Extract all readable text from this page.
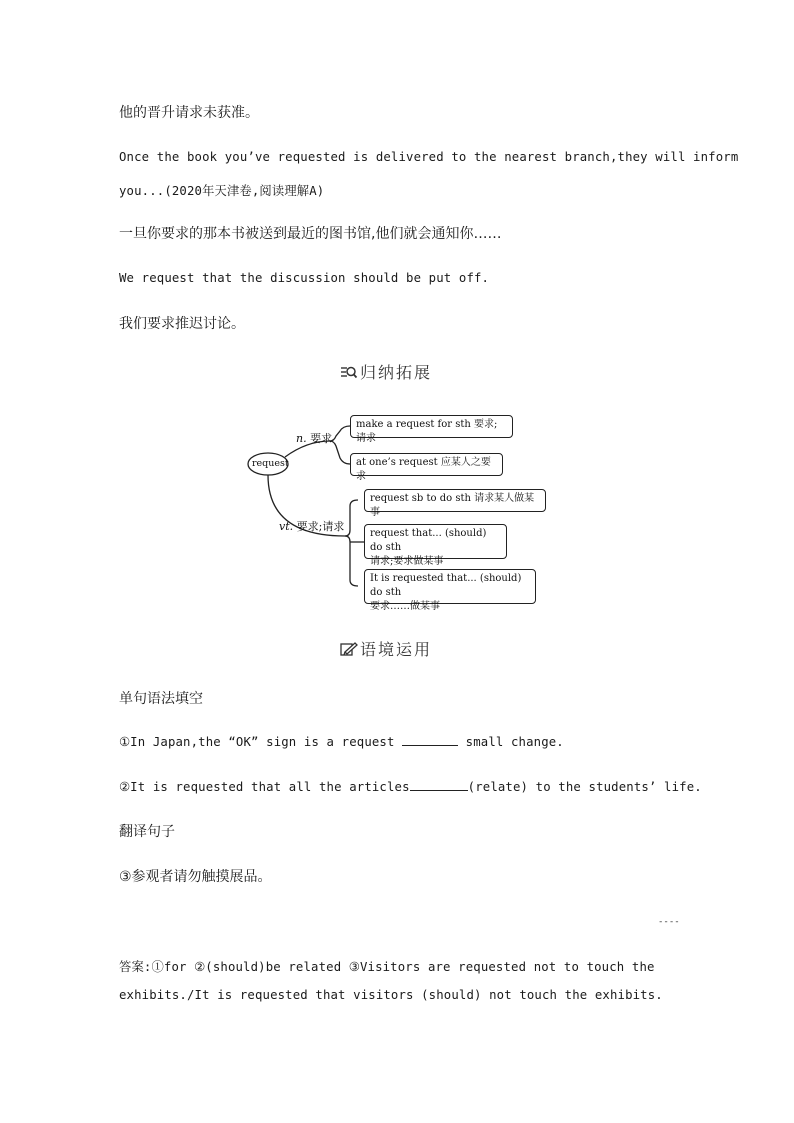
他的晋升请求未获准。
Once the book you’ve requested is delivered to the nearest branch,they will inform
you...(2020年天津卷,阅读理解A)
一旦你要求的那本书被送到最近的图书馆,他们就会通知你……
We request that the discussion should be put off.
我们要求推迟讨论。
归纳拓展
request
n. 要求
vt. 要求;请求
make a request for sth 要求;请求
at one’s request 应某人之要求
request sb to do sth 请求某人做某事
request that... (should) do sth
请求;要求做某事
It is requested that... (should) do sth
要求……做某事
语境运用
单句语法填空
①In Japan,the “OK” sign is a request	small change.
②It is requested that all the articles	(relate) to the students’ life.
翻译句子
③参观者请勿触摸展品。
----
答案:①for ②(should)be related ③Visitors are requested not to touch the
exhibits./It is requested that visitors (should) not touch the exhibits.
